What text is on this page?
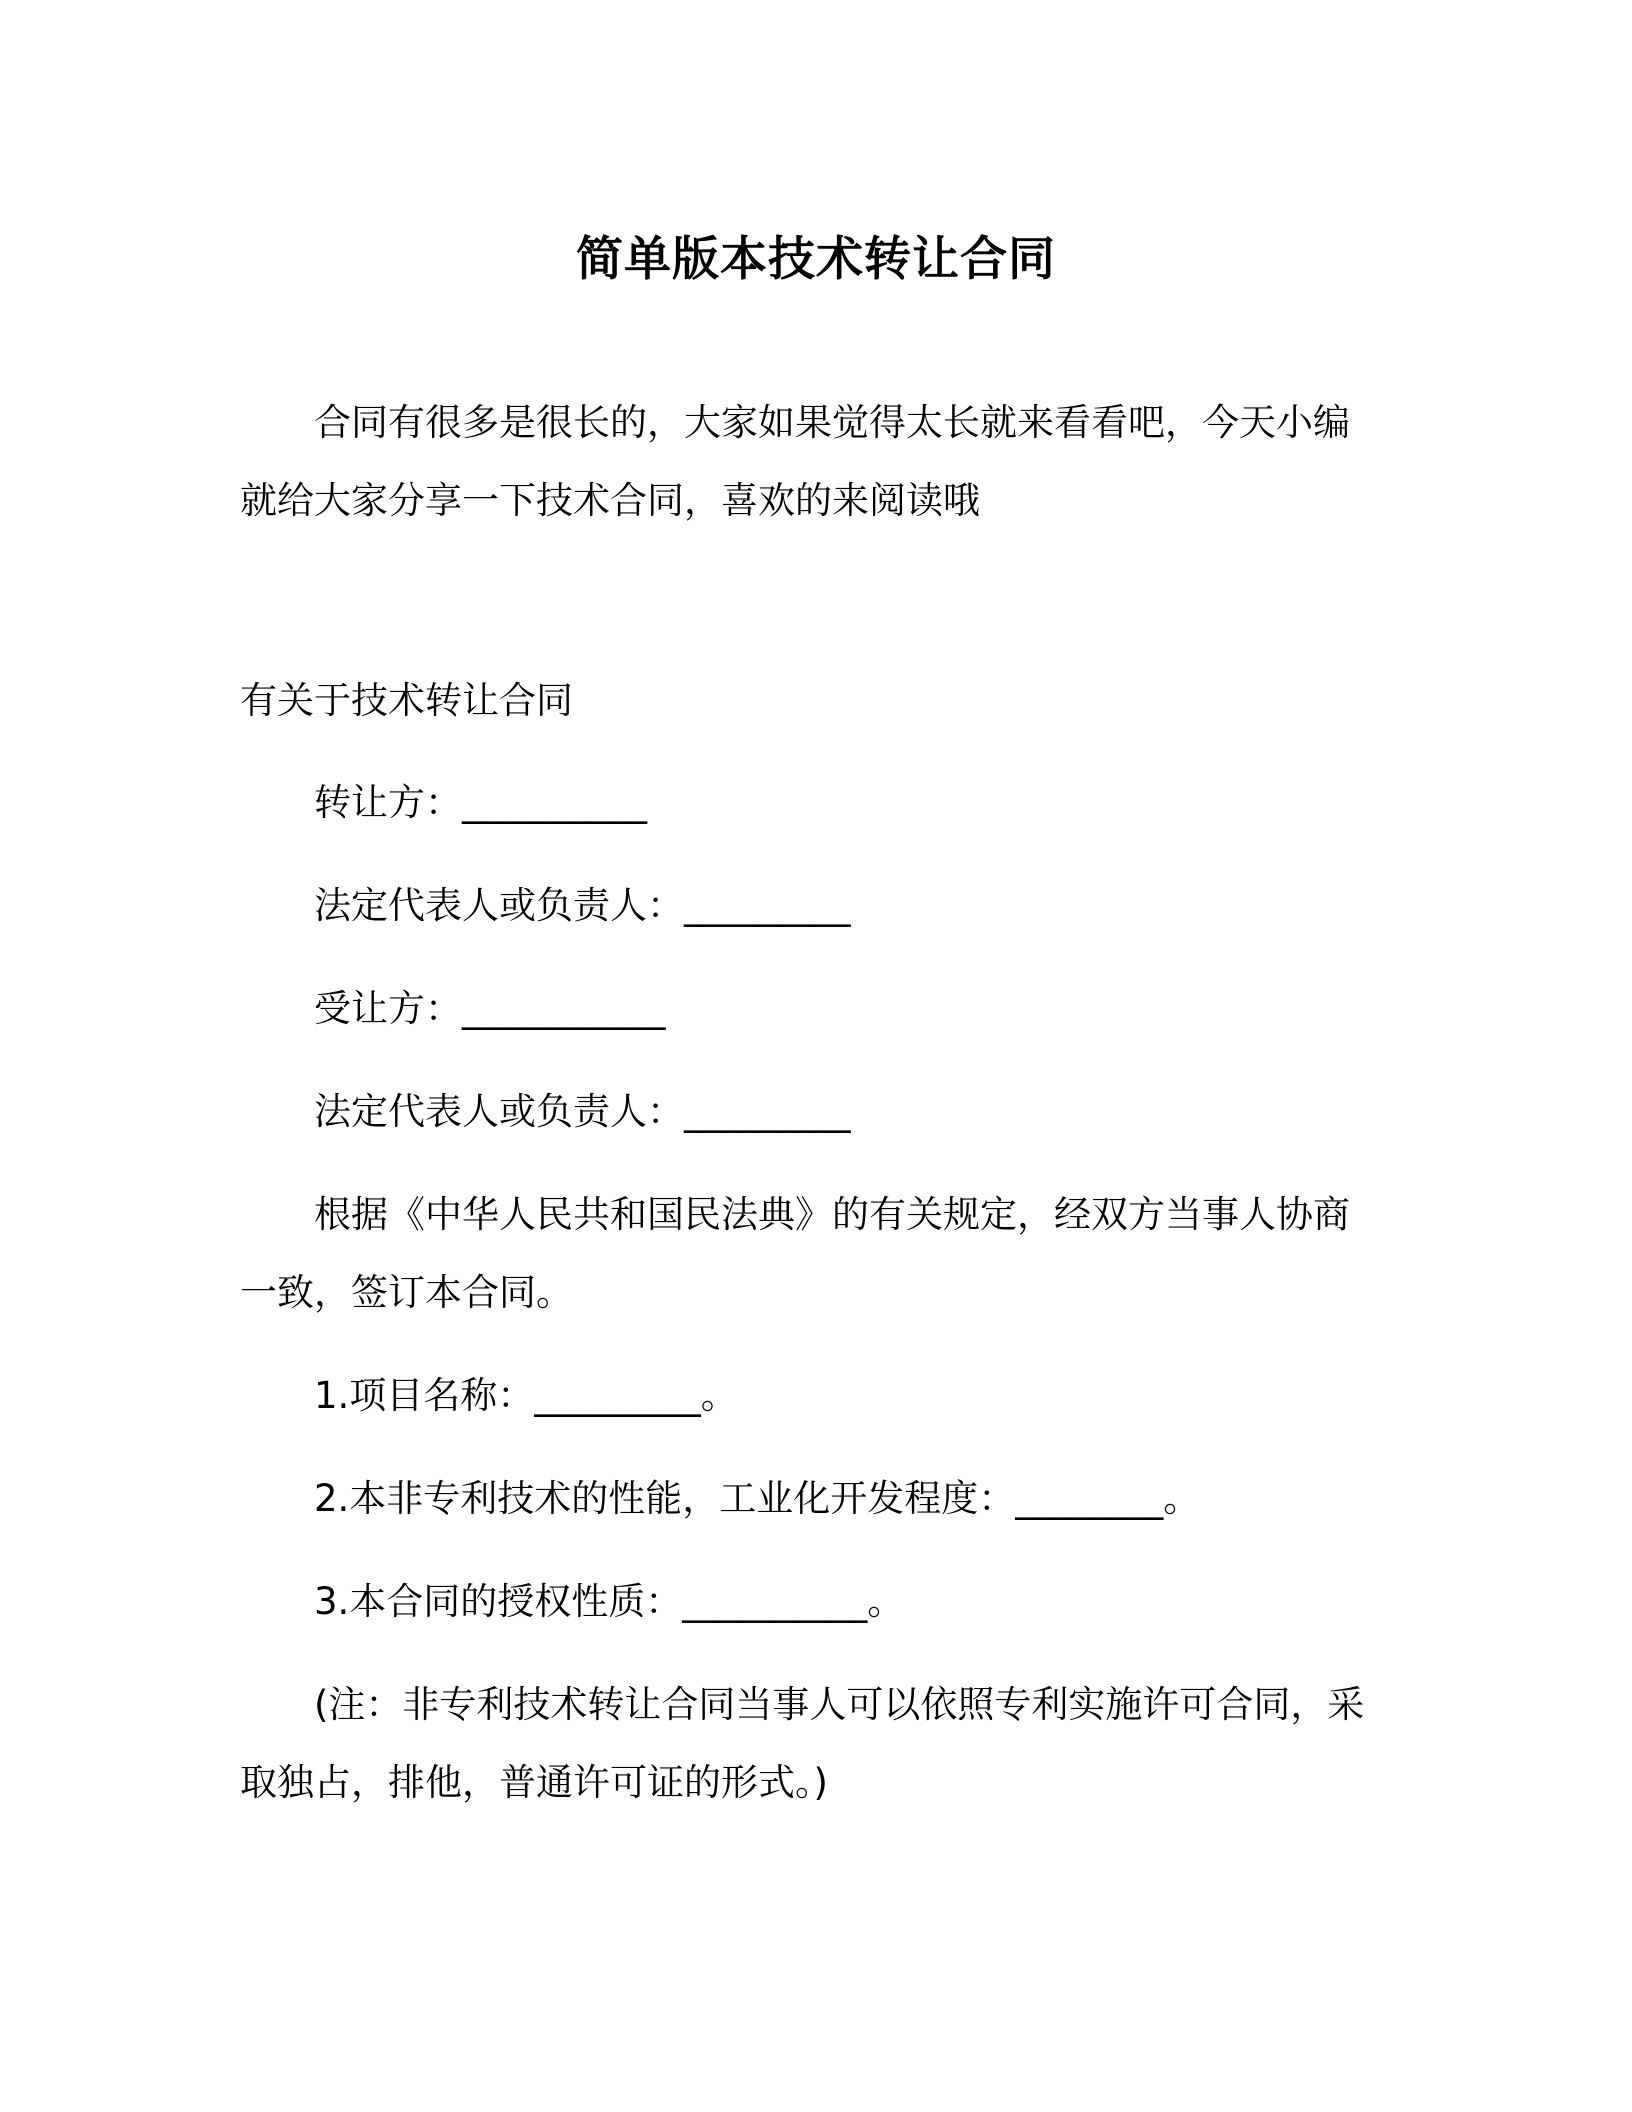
简单版本技术转让合同
合同有很多是很长的，大家如果觉得太长就来看看吧，今天小编
就给大家分享一下技术合同，喜欢的来阅读哦
有关于技术转让合同
转让方：__________
法定代表人或负责人：_________
受让方：___________
法定代表人或负责人：_________
根据《中华人民共和国民法典》的有关规定，经双方当事人协商
一致，签订本合同。
1.项目名称：_________。
2.本非专利技术的性能，工业化开发程度：________。
3.本合同的授权性质：__________。
(注：非专利技术转让合同当事人可以依照专利实施许可合同，采
取独占，排他，普通许可证的形式。)
